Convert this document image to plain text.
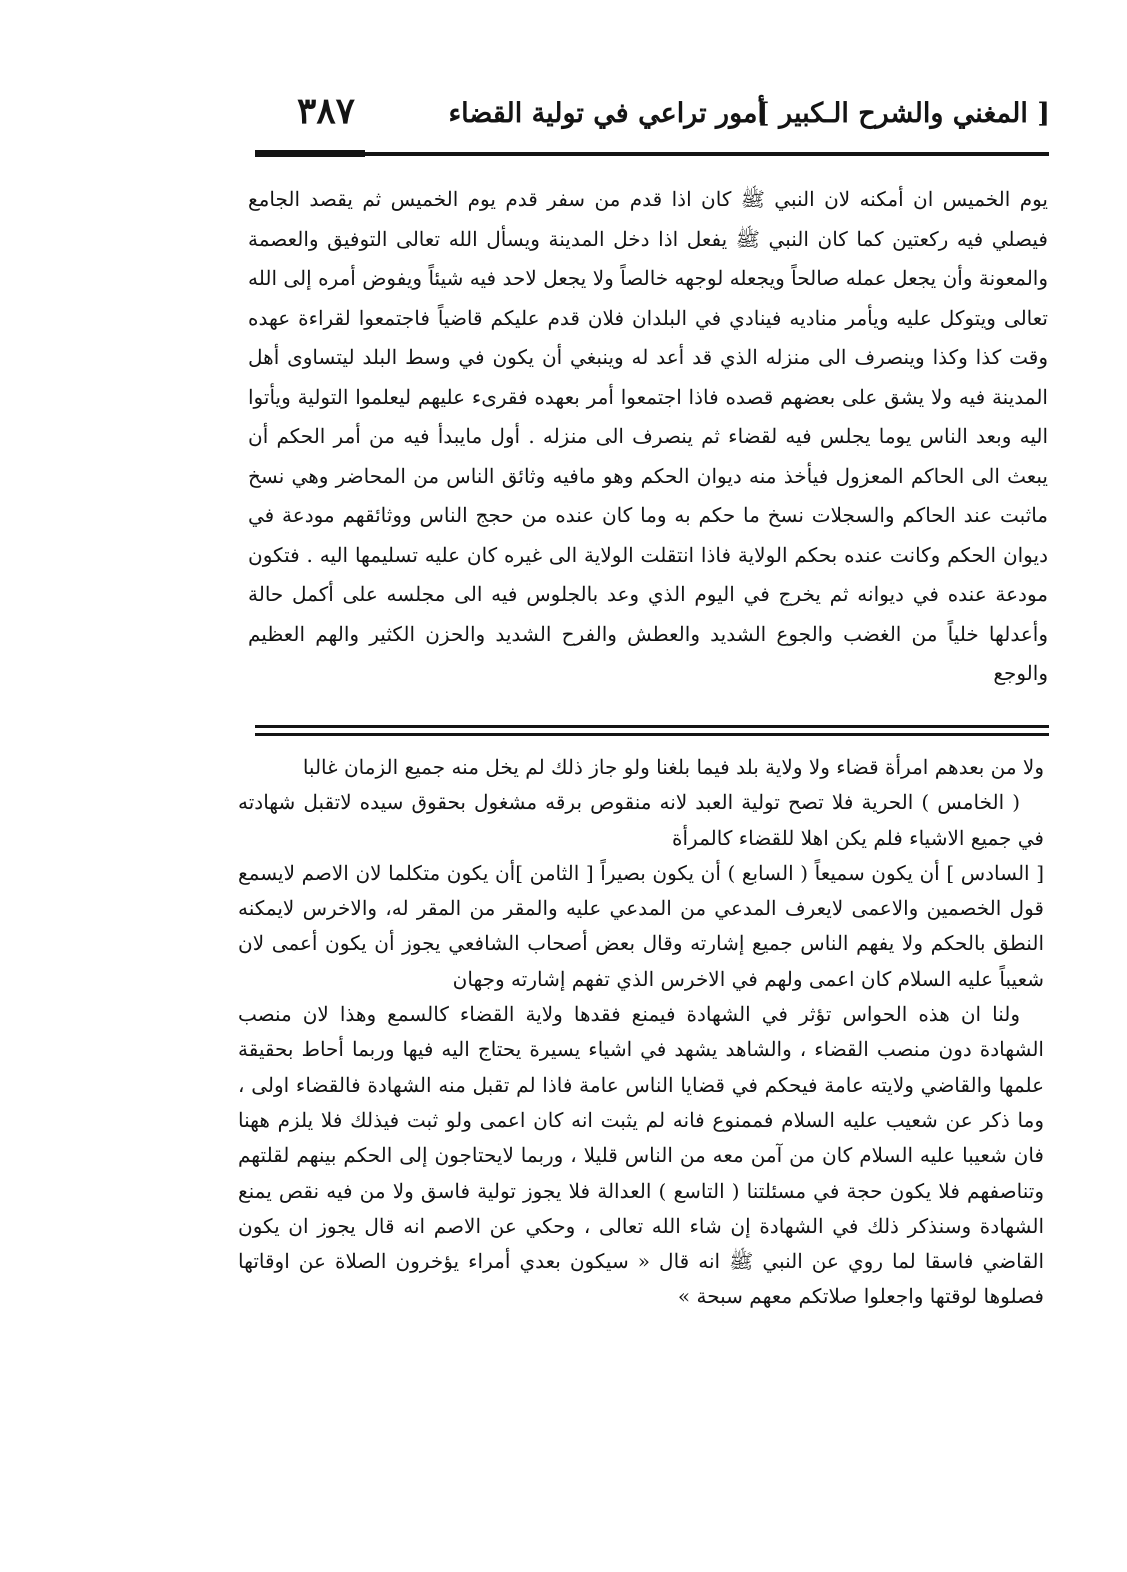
[ المغني والشرح الـكبير ]
أمور تراعي في تولية القضاء
٣٨٧
يوم الخميس ان أمكنه لان النبي ﷺ كان اذا قدم من سفر قدم يوم الخميس ثم يقصد الجامع فيصلي فيه ركعتين كما كان النبي ﷺ يفعل اذا دخل المدينة ويسأل الله تعالى التوفيق والعصمة والمعونة وأن يجعل عمله صالحاً ويجعله لوجهه خالصاً ولا يجعل لاحد فيه شيئاً ويفوض أمره إلى الله تعالى ويتوكل عليه ويأمر مناديه فينادي في البلدان فلان قدم عليكم قاضياً فاجتمعوا لقراءة عهده وقت كذا وكذا وينصرف الى منزله الذي قد أعد له وينبغي أن يكون في وسط البلد ليتساوى أهل المدينة فيه ولا يشق على بعضهم قصده فاذا اجتمعوا أمر بعهده فقرىء عليهم ليعلموا التولية ويأتوا اليه وبعد الناس يوما يجلس فيه لقضاء ثم ينصرف الى منزله . أول مايبدأ فيه من أمر الحكم أن يبعث الى الحاكم المعزول فيأخذ منه ديوان الحكم وهو مافيه وثائق الناس من المحاضر وهي نسخ ماثبت عند الحاكم والسجلات نسخ ما حكم به وما كان عنده من حجج الناس ووثائقهم مودعة في ديوان الحكم وكانت عنده بحكم الولاية فاذا انتقلت الولاية الى غيره كان عليه تسليمها اليه . فتكون مودعة عنده في ديوانه ثم يخرج في اليوم الذي وعد بالجلوس فيه الى مجلسه على أكمل حالة وأعدلها خلياً من الغضب والجوع الشديد والعطش والفرح الشديد والحزن الكثير والهم العظيم والوجع

ولا من بعدهم امرأة قضاء ولا ولاية بلد فيما بلغنا ولو جاز ذلك لم يخل منه جميع الزمان غالبا

( الخامس ) الحرية فلا تصح تولية العبد لانه منقوص برقه مشغول بحقوق سيده لاتقبل شهادته في جميع الاشياء فلم يكن اهلا للقضاء كالمرأة

[ السادس ] أن يكون سميعاً ( السابع ) أن يكون بصيراً [ الثامن ]أن يكون متكلما لان الاصم لايسمع قول الخصمين والاعمى لايعرف المدعي من المدعي عليه والمقر من المقر له، والاخرس لايمكنه النطق بالحكم ولا يفهم الناس جميع إشارته وقال بعض أصحاب الشافعي يجوز أن يكون أعمى لان شعيباً عليه السلام كان اعمى ولهم في الاخرس الذي تفهم إشارته وجهان

ولنا ان هذه الحواس تؤثر في الشهادة فيمنع فقدها ولاية القضاء كالسمع وهذا لان منصب الشهادة دون منصب القضاء ، والشاهد يشهد في اشياء يسيرة يحتاج اليه فيها وربما أحاط بحقيقة علمها والقاضي ولايته عامة فيحكم في قضايا الناس عامة فاذا لم تقبل منه الشهادة فالقضاء اولى ، وما ذكر عن شعيب عليه السلام فممنوع فانه لم يثبت انه كان اعمى ولو ثبت فيذلك فلا يلزم ههنا فان شعيبا عليه السلام كان من آمن معه من الناس قليلا ، وربما لايحتاجون إلى الحكم بينهم لقلتهم وتناصفهم فلا يكون حجة في مسئلتنا ( التاسع ) العدالة فلا يجوز تولية فاسق ولا من فيه نقص يمنع الشهادة وسنذكر ذلك في الشهادة إن شاء الله تعالى ، وحكي عن الاصم انه قال يجوز ان يكون القاضي فاسقا لما روي عن النبي ﷺ انه قال « سيكون بعدي أمراء يؤخرون الصلاة عن اوقاتها فصلوها لوقتها واجعلوا صلاتكم معهم سبحة »
